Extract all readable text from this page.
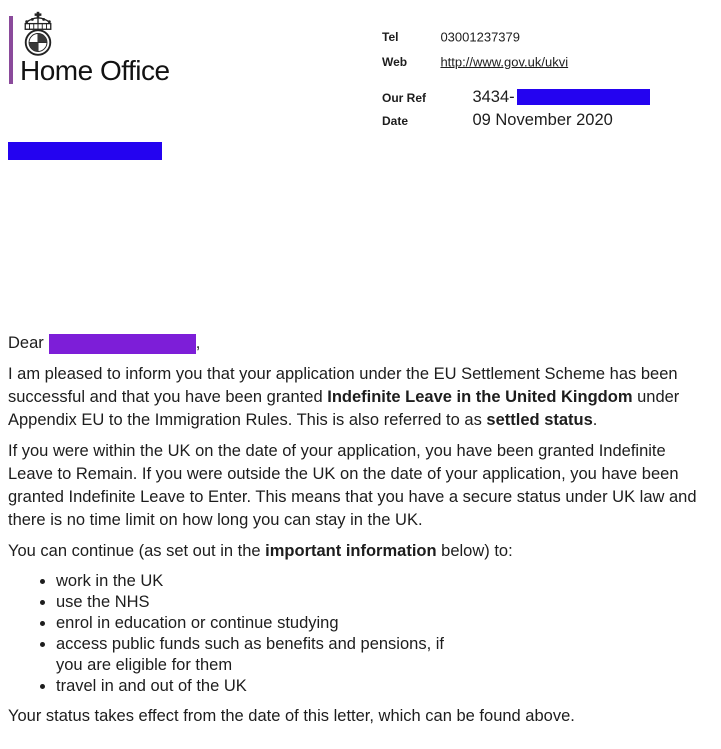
Home Office
Tel	03001237379
Web	http://www.gov.uk/ukvi
Our Ref	3434-
Date	09 November 2020
Dear	,

I am pleased to inform you that your application under the EU Settlement Scheme has been successful and that you have been granted Indefinite Leave in the United Kingdom under Appendix EU to the Immigration Rules. This is also referred to as settled status.

If you were within the UK on the date of your application, you have been granted Indefinite Leave to Remain. If you were outside the UK on the date of your application, you have been granted Indefinite Leave to Enter. This means that you have a secure status under UK law and there is no time limit on how long you can stay in the UK.

You can continue (as set out in the important information below) to:

• work in the UK
• use the NHS
• enrol in education or continue studying
• access public funds such as benefits and pensions, if
you are eligible for them
• travel in and out of the UK

Your status takes effect from the date of this letter, which can be found above.
